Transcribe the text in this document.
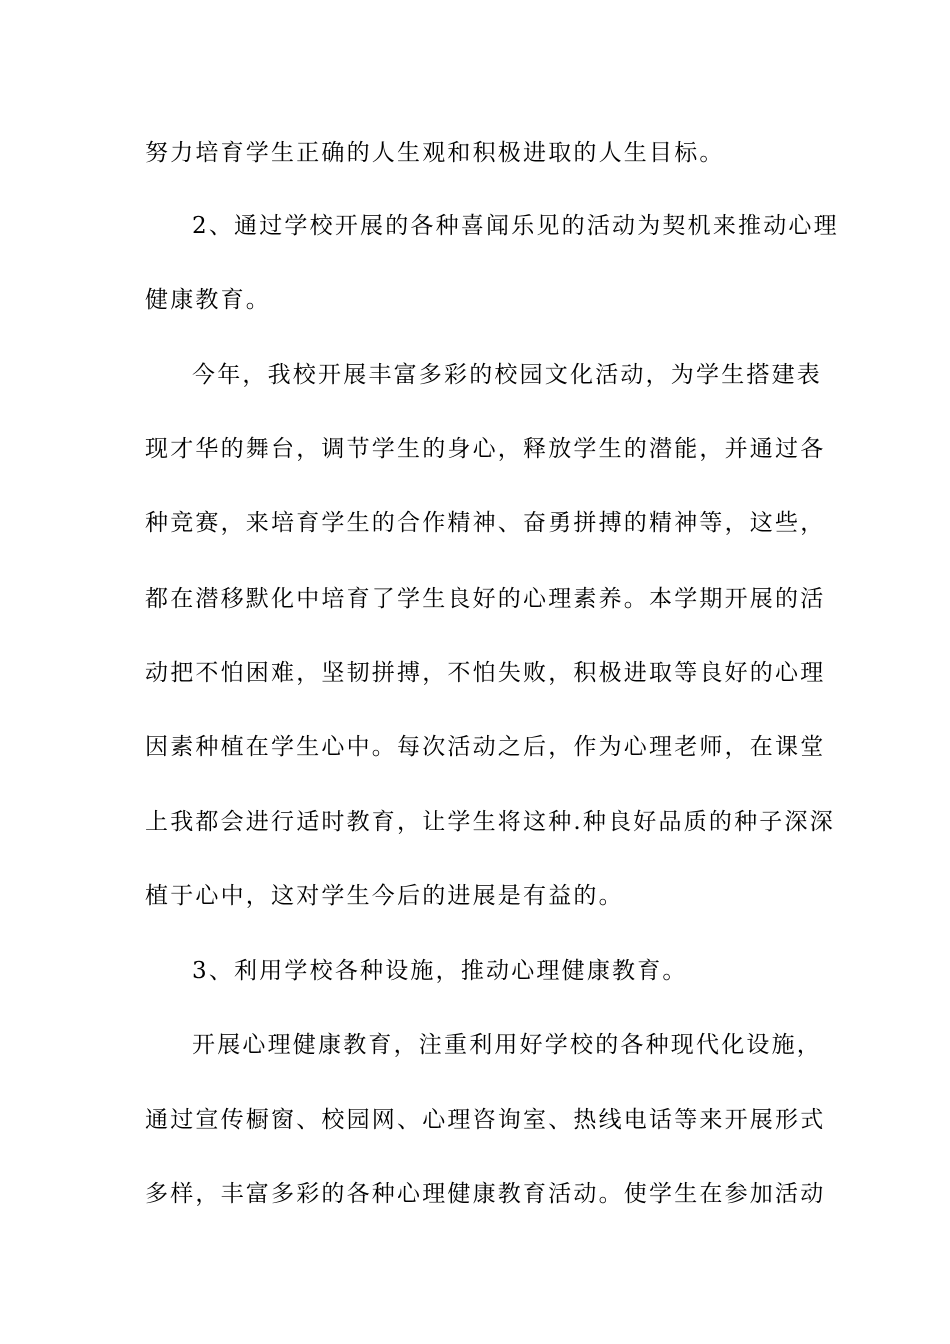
努力培育学生正确的人生观和积极进取的人生目标。
2、通过学校开展的各种喜闻乐见的活动为契机来推动心理
健康教育。
今年，我校开展丰富多彩的校园文化活动，为学生搭建表
现才华的舞台，调节学生的身心，释放学生的潜能，并通过各
种竞赛，来培育学生的合作精神、奋勇拼搏的精神等，这些，
都在潜移默化中培育了学生良好的心理素养。本学期开展的活
动把不怕困难，坚韧拼搏，不怕失败，积极进取等良好的心理
因素种植在学生心中。每次活动之后，作为心理老师，在课堂
上我都会进行适时教育，让学生将这种.种良好品质的种子深深
植于心中，这对学生今后的进展是有益的。
3、利用学校各种设施，推动心理健康教育。
开展心理健康教育，注重利用好学校的各种现代化设施，
通过宣传橱窗、校园网、心理咨询室、热线电话等来开展形式
多样，丰富多彩的各种心理健康教育活动。使学生在参加活动
